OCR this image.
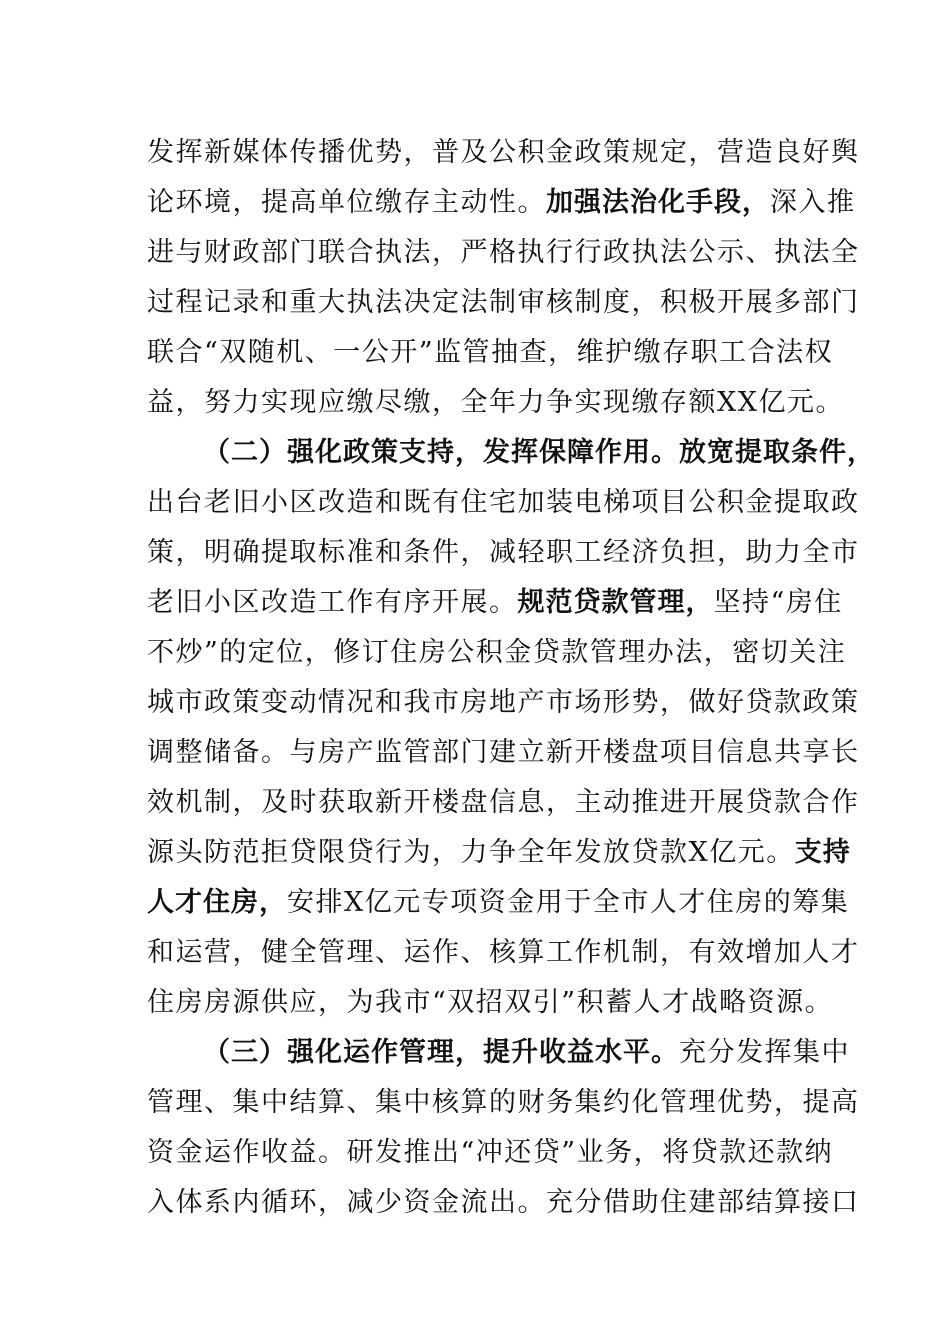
发挥新媒体传播优势，普及公积金政策规定，营造良好舆
论环境，提高单位缴存主动性。加强法治化手段，深入推
进与财政部门联合执法，严格执行行政执法公示、执法全
过程记录和重大执法决定法制审核制度，积极开展多部门
联合“双随机、一公开”监管抽查，维护缴存职工合法权
益，努力实现应缴尽缴，全年力争实现缴存额XX亿元。
（二）强化政策支持，发挥保障作用。放宽提取条件，
出台老旧小区改造和既有住宅加装电梯项目公积金提取政
策，明确提取标准和条件，减轻职工经济负担，助力全市
老旧小区改造工作有序开展。规范贷款管理，坚持“房住
不炒”的定位，修订住房公积金贷款管理办法，密切关注
城市政策变动情况和我市房地产市场形势，做好贷款政策
调整储备。与房产监管部门建立新开楼盘项目信息共享长
效机制，及时获取新开楼盘信息，主动推进开展贷款合作
源头防范拒贷限贷行为，力争全年发放贷款X亿元。支持
人才住房，安排X亿元专项资金用于全市人才住房的筹集
和运营，健全管理、运作、核算工作机制，有效增加人才
住房房源供应，为我市“双招双引”积蓄人才战略资源。
（三）强化运作管理，提升收益水平。充分发挥集中
管理、集中结算、集中核算的财务集约化管理优势，提高
资金运作收益。研发推出“冲还贷”业务，将贷款还款纳
入体系内循环，减少资金流出。充分借助住建部结算接口
